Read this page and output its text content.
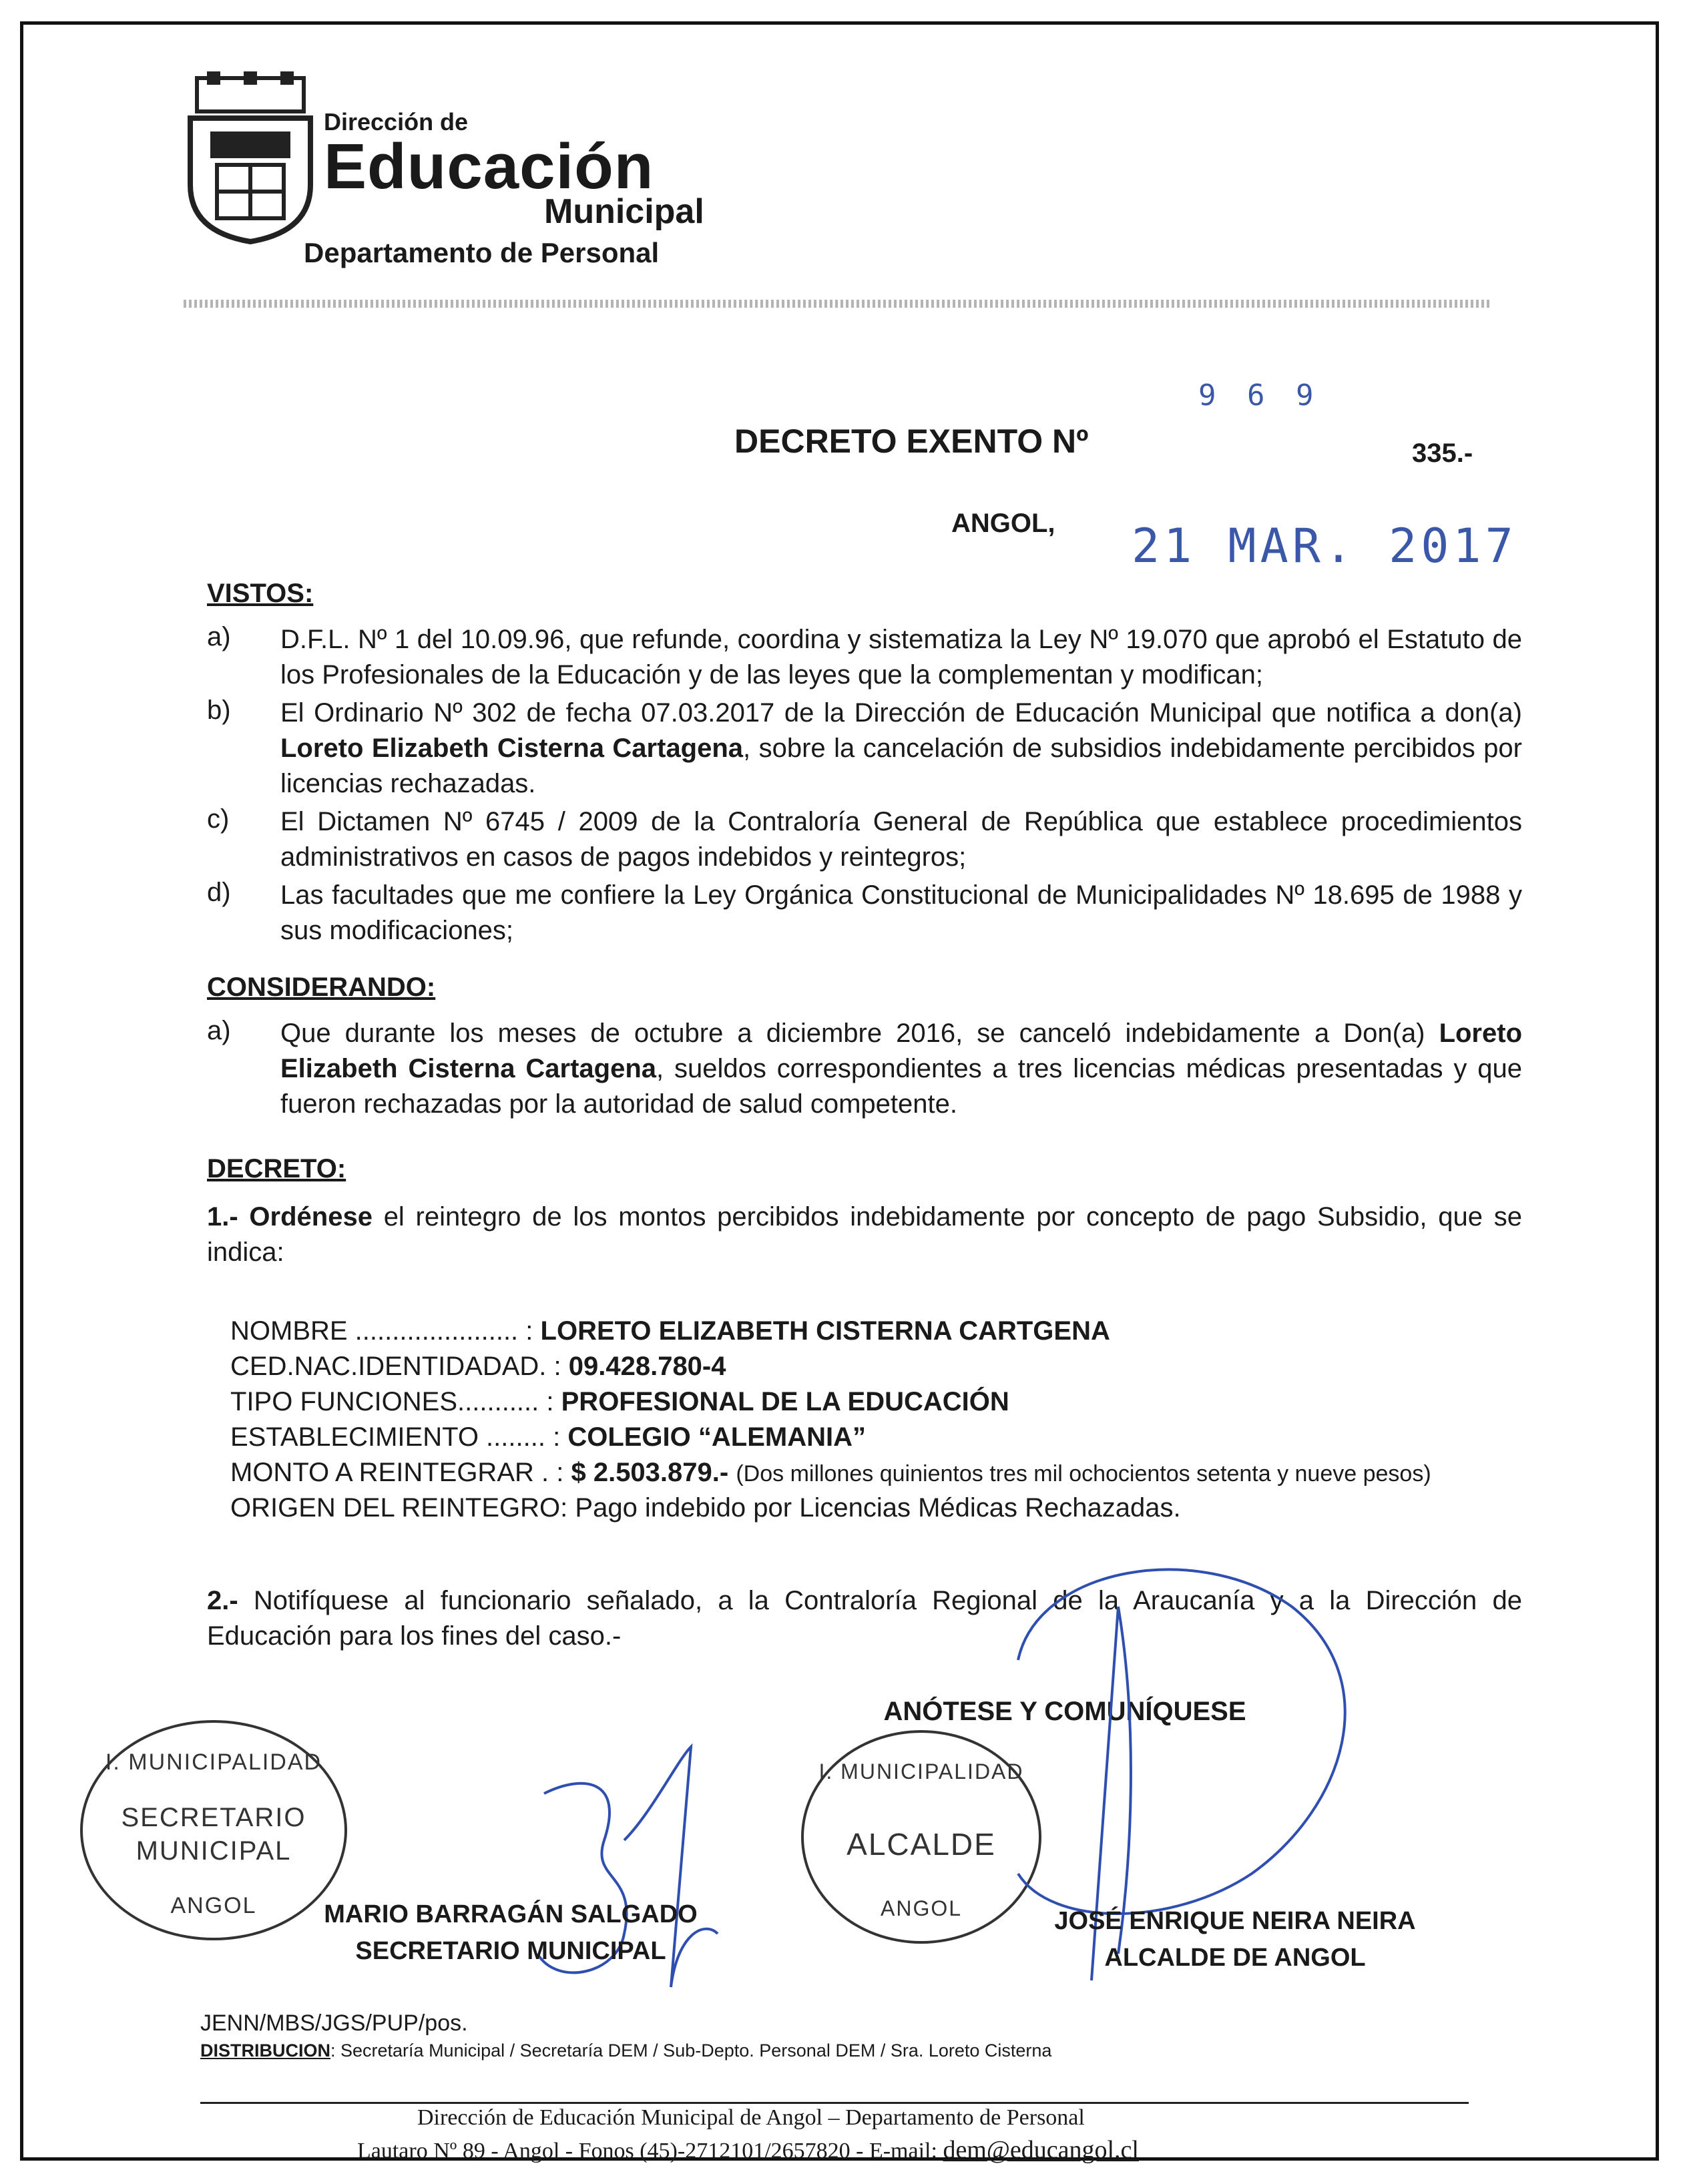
Dirección de
Educación
Municipal
Departamento de Personal
9 6 9
DECRETO EXENTO Nº	335.-
ANGOL, 21 MAR. 2017
VISTOS:
a) D.F.L. Nº 1 del 10.09.96, que refunde, coordina y sistematiza la Ley Nº 19.070 que aprobó el Estatuto de los Profesionales de la Educación y de las leyes que la complementan y modifican;
b) El Ordinario Nº 302 de fecha 07.03.2017 de la Dirección de Educación Municipal que notifica a don(a) Loreto Elizabeth Cisterna Cartagena, sobre la cancelación de subsidios indebidamente percibidos por licencias rechazadas.
c) El Dictamen Nº 6745 / 2009 de la Contraloría General de República que establece procedimientos administrativos en casos de pagos indebidos y reintegros;
d) Las facultades que me confiere la Ley Orgánica Constitucional de Municipalidades Nº 18.695 de 1988 y sus modificaciones;
CONSIDERANDO:
a) Que durante los meses de octubre a diciembre 2016, se canceló indebidamente a Don(a) Loreto Elizabeth Cisterna Cartagena, sueldos correspondientes a tres licencias médicas presentadas y que fueron rechazadas por la autoridad de salud competente.
DECRETO:
1.- Ordénese el reintegro de los montos percibidos indebidamente por concepto de pago Subsidio, que se indica:
NOMBRE ...................... : LORETO ELIZABETH CISTERNA CARTGENA
CED.NAC.IDENTIDADAD. : 09.428.780-4
TIPO FUNCIONES........... : PROFESIONAL DE LA EDUCACIÓN
ESTABLECIMIENTO ........ : COLEGIO “ALEMANIA”
MONTO A REINTEGRAR . : $ 2.503.879.- (Dos millones quinientos tres mil ochocientos setenta y nueve pesos)
ORIGEN DEL REINTEGRO: Pago indebido por Licencias Médicas Rechazadas.
2.- Notifíquese al funcionario señalado, a la Contraloría Regional de la Araucanía y a la Dirección de Educación para los fines del caso.-
ANÓTESE Y COMUNÍQUESE
I. MUNICIPALIDAD
SECRETARIO
MUNICIPAL
ANGOL
I. MUNICIPALIDAD
ALCALDE
ANGOL
MARIO BARRAGÁN SALGADO
SECRETARIO MUNICIPAL
JOSÉ ENRIQUE NEIRA NEIRA
ALCALDE DE ANGOL
JENN/MBS/JGS/PUP/pos.
DISTRIBUCION: Secretaría Municipal / Secretaría DEM / Sub-Depto. Personal DEM / Sra. Loreto Cisterna
Dirección de Educación Municipal de Angol – Departamento de Personal
Lautaro Nº 89 - Angol - Fonos (45)-2712101/2657820 - E-mail: dem@educangol.cl
